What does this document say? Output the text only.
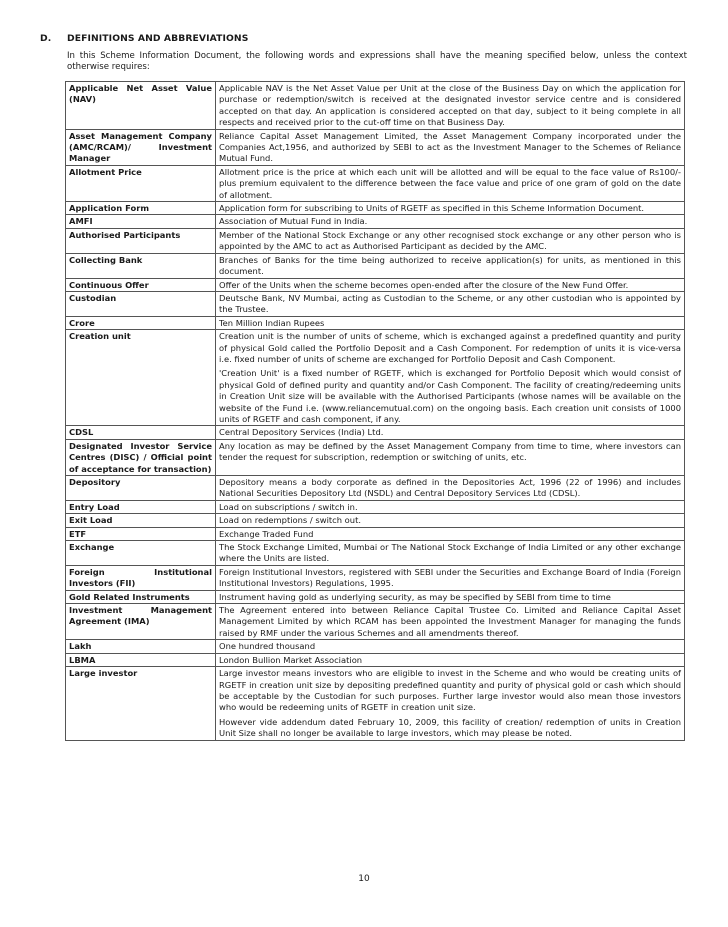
D. DEFINITIONS AND ABBREVIATIONS
In this Scheme Information Document, the following words and expressions shall have the meaning specified below, unless the context otherwise requires:
Applicable Net Asset Value (NAV)	Applicable NAV is the Net Asset Value per Unit at the close of the Business Day on which the application for purchase or redemption/switch is received at the designated investor service centre and is considered accepted on that day. An application is considered accepted on that day, subject to it being complete in all respects and received prior to the cut-off time on that Business Day.

Asset Management Company (AMC/RCAM)/ Investment Manager	Reliance Capital Asset Management Limited, the Asset Management Company incorporated under the Companies Act,1956, and authorized by SEBI to act as the Investment Manager to the Schemes of Reliance Mutual Fund.

Allotment Price	Allotment price is the price at which each unit will be allotted and will be equal to the face value of Rs100/- plus premium equivalent to the difference between the face value and price of one gram of gold on the date of allotment.

Application Form	Application form for subscribing to Units of RGETF as specified in this Scheme Information Document.

AMFI	Association of Mutual Fund in India.

Authorised Participants	Member of the National Stock Exchange or any other recognised stock exchange or any other person who is appointed by the AMC to act as Authorised Participant as decided by the AMC.

Collecting Bank	Branches of Banks for the time being authorized to receive application(s) for units, as mentioned in this document.

Continuous Offer	Offer of the Units when the scheme becomes open-ended after the closure of the New Fund Offer.

Custodian	Deutsche Bank, NV Mumbai, acting as Custodian to the Scheme, or any other custodian who is appointed by the Trustee.

Crore	Ten Million Indian Rupees

Creation unit	Creation unit is the number of units of scheme, which is exchanged against a predefined quantity and purity of physical Gold called the Portfolio Deposit and a Cash Component. For redemption of units it is vice-versa i.e. fixed number of units of scheme are exchanged for Portfolio Deposit and Cash Component.

'Creation Unit' is a fixed number of RGETF, which is exchanged for Portfolio Deposit which would consist of physical Gold of defined purity and quantity and/or Cash Component. The facility of creating/redeeming units in Creation Unit size will be available with the Authorised Participants (whose names will be available on the website of the Fund i.e. (www.reliancemutual.com) on the ongoing basis. Each creation unit consists of 1000 units of RGETF and cash component, if any.

CDSL	Central Depository Services (India) Ltd.

Designated Investor Service Centres (DISC) / Official point of acceptance for transaction)	Any location as may be defined by the Asset Management Company from time to time, where investors can tender the request for subscription, redemption or switching of units, etc.

Depository	Depository means a body corporate as defined in the Depositories Act, 1996 (22 of 1996) and includes National Securities Depository Ltd (NSDL) and Central Depository Services Ltd (CDSL).

Entry Load	Load on subscriptions / switch in.

Exit Load	Load on redemptions / switch out.

ETF	Exchange Traded Fund

Exchange	The Stock Exchange Limited, Mumbai or The National Stock Exchange of India Limited or any other exchange where the Units are listed.

Foreign Institutional Investors (FII)	Foreign Institutional Investors, registered with SEBI under the Securities and Exchange Board of India (Foreign Institutional Investors) Regulations, 1995.

Gold Related Instruments	Instrument having gold as underlying security, as may be specified by SEBI from time to time

Investment Management Agreement (IMA)	The Agreement entered into between Reliance Capital Trustee Co. Limited and Reliance Capital Asset Management Limited by which RCAM has been appointed the Investment Manager for managing the funds raised by RMF under the various Schemes and all amendments thereof.

Lakh	One hundred thousand

LBMA	London Bullion Market Association

Large investor	Large investor means investors who are eligible to invest in the Scheme and who would be creating units of RGETF in creation unit size by depositing predefined quantity and purity of physical gold or cash which should be acceptable by the Custodian for such purposes. Further large investor would also mean those investors who would be redeeming units of RGETF in creation unit size.

However vide addendum dated February 10, 2009, this facility of creation/ redemption of units in Creation Unit Size shall no longer be available to large investors, which may please be noted.

10
